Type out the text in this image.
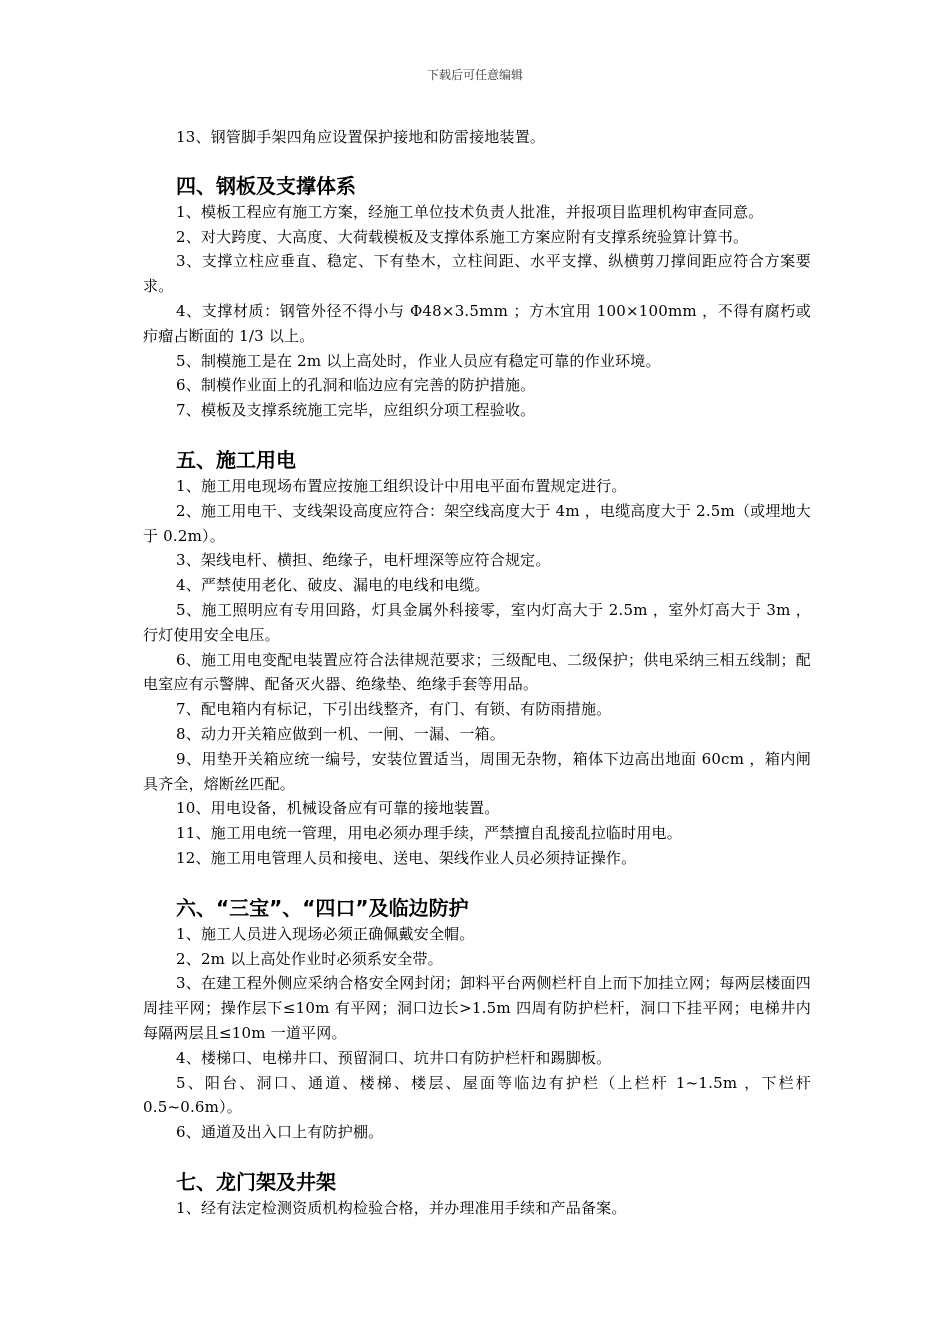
下载后可任意编辑

13、钢管脚手架四角应设置保护接地和防雷接地装置。

四、钢板及支撑体系

1、模板工程应有施工方案，经施工单位技术负责人批准，并报项目监理机构审查同意。

2、对大跨度、大高度、大荷载模板及支撑体系施工方案应附有支撑系统验算计算书。

3、支撑立柱应垂直、稳定、下有垫木，立柱间距、水平支撑、纵横剪刀撑间距应符合方案要求。

4、支撑材质：钢管外径不得小与 Φ48×3.5mm ；方木宜用 100×100mm ，不得有腐朽或疖瘤占断面的 1/3 以上。

5、制模施工是在 2m 以上高处时，作业人员应有稳定可靠的作业环境。

6、制模作业面上的孔洞和临边应有完善的防护措施。

7、模板及支撑系统施工完毕，应组织分项工程验收。

五、施工用电

1、施工用电现场布置应按施工组织设计中用电平面布置规定进行。

2、施工用电干、支线架设高度应符合：架空线高度大于 4m ，电缆高度大于 2.5m（或埋地大于 0.2m）。

3、架线电杆、横担、绝缘子，电杆埋深等应符合规定。

4、严禁使用老化、破皮、漏电的电线和电缆。

5、施工照明应有专用回路，灯具金属外科接零，室内灯高大于 2.5m ，室外灯高大于 3m ，行灯使用安全电压。

6、施工用电变配电装置应符合法律规范要求；三级配电、二级保护；供电采纳三相五线制；配电室应有示警牌、配备灭火器、绝缘垫、绝缘手套等用品。

7、配电箱内有标记，下引出线整齐，有门、有锁、有防雨措施。

8、动力开关箱应做到一机、一闸、一漏、一箱。

9、用垫开关箱应统一编号，安装位置适当，周围无杂物，箱体下边高出地面 60cm ，箱内闸具齐全，熔断丝匹配。

10、用电设备，机械设备应有可靠的接地装置。

11、施工用电统一管理，用电必须办理手续，严禁擅自乱接乱拉临时用电。

12、施工用电管理人员和接电、送电、架线作业人员必须持证操作。

六、“三宝”、“四口”及临边防护

1、施工人员进入现场必须正确佩戴安全帽。

2、2m 以上高处作业时必须系安全带。

3、在建工程外侧应采纳合格安全网封闭；卸料平台两侧栏杆自上而下加挂立网；每两层楼面四周挂平网；操作层下≤10m 有平网；洞口边长>1.5m 四周有防护栏杆，洞口下挂平网；电梯井内每隔两层且≤10m 一道平网。

4、楼梯口、电梯井口、预留洞口、坑井口有防护栏杆和踢脚板。

5、阳台、洞口、通道、楼梯、楼层、屋面等临边有护栏（上栏杆 1~1.5m ，下栏杆 0.5~0.6m）。

6、通道及出入口上有防护棚。

七、龙门架及井架

1、经有法定检测资质机构检验合格，并办理准用手续和产品备案。
